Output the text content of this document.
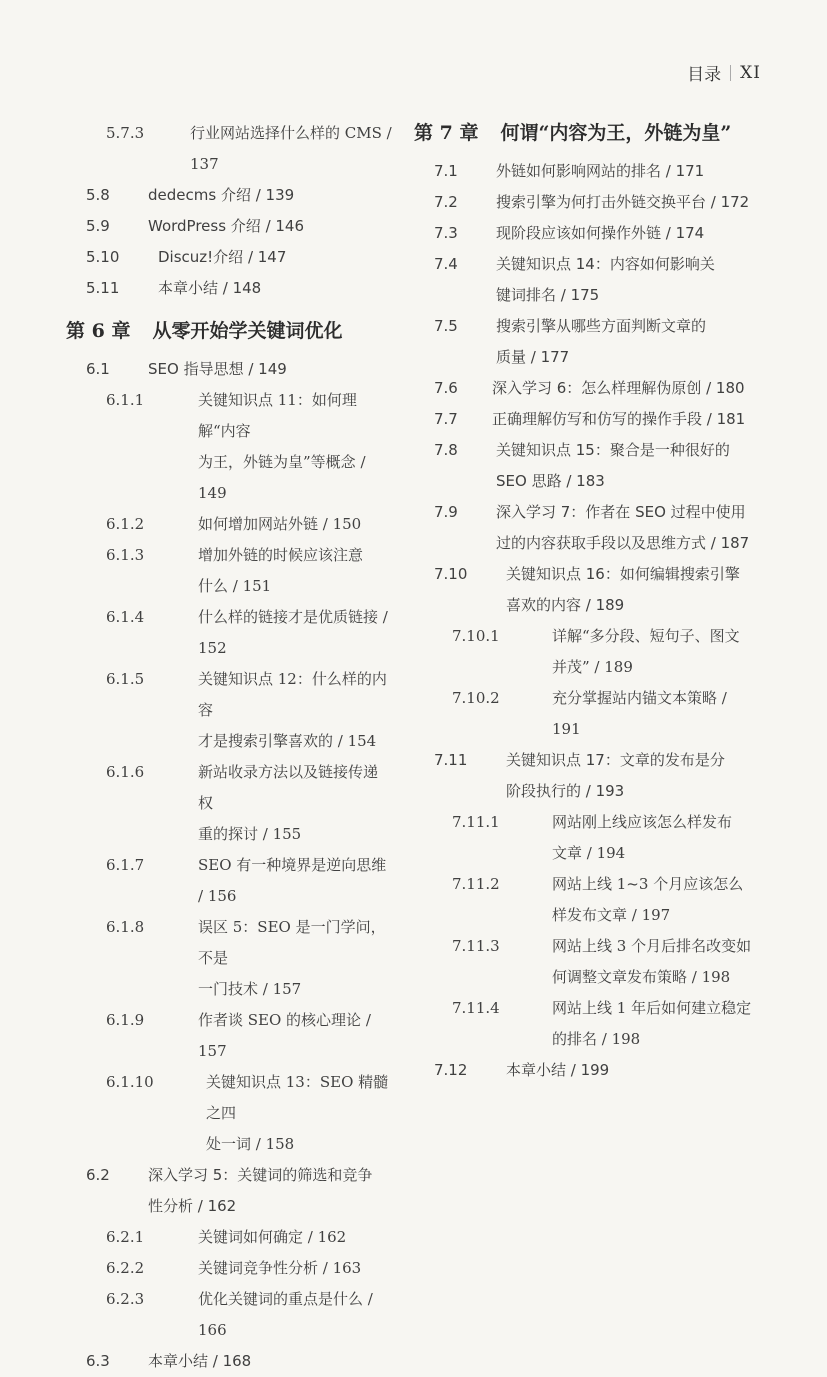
目录 XI
5.7.3	行业网站选择什么样的 CMS / 137
5.8	dedecms 介绍 / 139
5.9	WordPress 介绍 / 146
5.10	Discuz!介绍 / 147
5.11	本章小结 / 148
第 6 章 从零开始学关键词优化
6.1	SEO 指导思想 / 149
6.1.1	关键知识点 11：如何理解“内容
为王，外链为皇”等概念 / 149
6.1.2	如何增加网站外链 / 150
6.1.3	增加外链的时候应该注意
什么 / 151
6.1.4	什么样的链接才是优质链接 / 152
6.1.5	关键知识点 12：什么样的内容
才是搜索引擎喜欢的 / 154
6.1.6	新站收录方法以及链接传递权
重的探讨 / 155
6.1.7	SEO 有一种境界是逆向思维 / 156
6.1.8	误区 5：SEO 是一门学问，不是
一门技术 / 157
6.1.9	作者谈 SEO 的核心理论 / 157
6.1.10	关键知识点 13：SEO 精髓之四
处一词 / 158
6.2	深入学习 5：关键词的筛选和竞争
性分析 / 162
6.2.1	关键词如何确定 / 162
6.2.2	关键词竞争性分析 / 163
6.2.3	优化关键词的重点是什么 / 166
6.3	本章小结 / 168
第 7 章 何谓“内容为王，外链为皇”
7.1	外链如何影响网站的排名 / 171
7.2	搜索引擎为何打击外链交换平台 / 172
7.3	现阶段应该如何操作外链 / 174
7.4	关键知识点 14：内容如何影响关
键词排名 / 175
7.5	搜索引擎从哪些方面判断文章的
质量 / 177
7.6	深入学习 6：怎么样理解伪原创 / 180
7.7	正确理解仿写和仿写的操作手段 / 181
7.8	关键知识点 15：聚合是一种很好的
SEO 思路 / 183
7.9	深入学习 7：作者在 SEO 过程中使用
过的内容获取手段以及思维方式 / 187
7.10	关键知识点 16：如何编辑搜索引擎
喜欢的内容 / 189
7.10.1	详解“多分段、短句子、图文
并茂” / 189
7.10.2	充分掌握站内锚文本策略 / 191
7.11	关键知识点 17：文章的发布是分
阶段执行的 / 193
7.11.1	网站刚上线应该怎么样发布
文章 / 194
7.11.2	网站上线 1~3 个月应该怎么
样发布文章 / 197
7.11.3	网站上线 3 个月后排名改变如
何调整文章发布策略 / 198
7.11.4	网站上线 1 年后如何建立稳定
的排名 / 198
7.12	本章小结 / 199
